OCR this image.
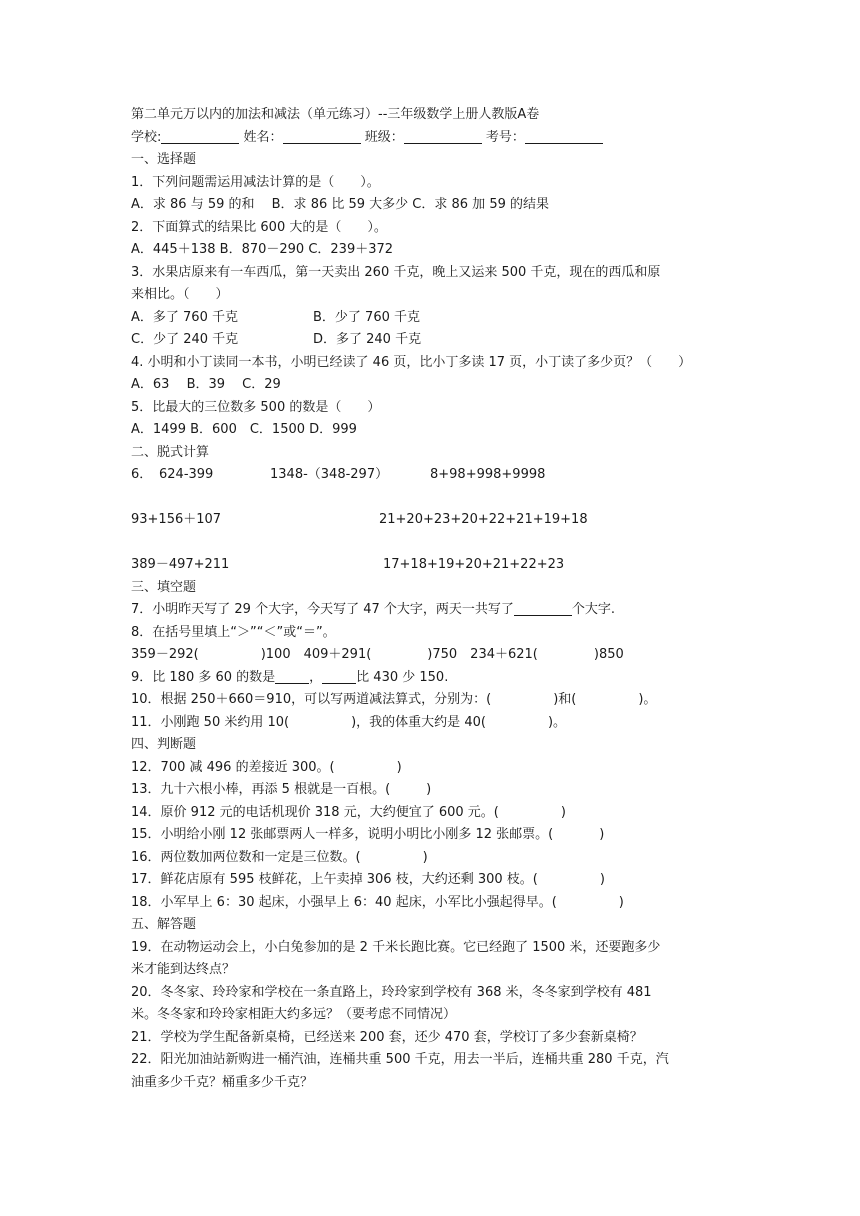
第二单元万以内的加法和减法（单元练习）--三年级数学上册人教版A卷
学校:	姓名：	班级：	考号：
一、选择题
1．下列问题需运用减法计算的是（　　）。
A．求 86 与 59 的和　 B．求 86 比 59 大多少 C．求 86 加 59 的结果
2．下面算式的结果比 600 大的是（　　）。
A．445＋138 B．870－290 C．239＋372
3．水果店原来有一车西瓜，第一天卖出 260 千克，晚上又运来 500 千克，现在的西瓜和原
来相比。（　　）
A．多了 760 千克	B．少了 760 千克
C．少了 240 千克	D．多了 240 千克
4. 小明和小丁读同一本书，小明已经读了 46 页，比小丁多读 17 页，小丁读了多少页？（　　）
A．63　 B．39　 C．29
5．比最大的三位数多 500 的数是（　　）
A．1499 B．600　C．1500 D．999
二、脱式计算
6． 624-399	1348-（348-297）	8+98+998+9998
93+156＋107	21+20+23+20+22+21+19+18
389－497+211	17+18+19+20+21+22+23
三、填空题
7．小明昨天写了 29 个大字，今天写了 47 个大字，两天一共写了	个大字.
8．在括号里填上“＞”“＜”或“＝”。
359－292(	)100　409＋291(	)750　234＋621(	)850
9．比 180 多 60 的数是	，	比 430 少 150.
10．根据 250＋660＝910，可以写两道减法算式，分别为：(	)和(	)。
11．小刚跑 50 米约用 10(	)，我的体重大约是 40(	)。
四、判断题
12．700 减 496 的差接近 300。(	)
13．九十六根小棒，再添 5 根就是一百根。(	)
14．原价 912 元的电话机现价 318 元，大约便宜了 600 元。(	)
15．小明给小刚 12 张邮票两人一样多，说明小明比小刚多 12 张邮票。(	)
16．两位数加两位数和一定是三位数。(	)
17．鲜花店原有 595 枝鲜花，上午卖掉 306 枝，大约还剩 300 枝。(	)
18．小军早上 6：30 起床，小强早上 6：40 起床，小军比小强起得早。(	)
五、解答题
19．在动物运动会上，小白兔参加的是 2 千米长跑比赛。它已经跑了 1500 米，还要跑多少
米才能到达终点？
20．冬冬家、玲玲家和学校在一条直路上，玲玲家到学校有 368 米，冬冬家到学校有 481
米。冬冬家和玲玲家相距大约多远？（要考虑不同情况）
21．学校为学生配备新桌椅，已经送来 200 套，还少 470 套，学校订了多少套新桌椅？
22．阳光加油站新购进一桶汽油，连桶共重 500 千克，用去一半后，连桶共重 280 千克，汽
油重多少千克？桶重多少千克？
